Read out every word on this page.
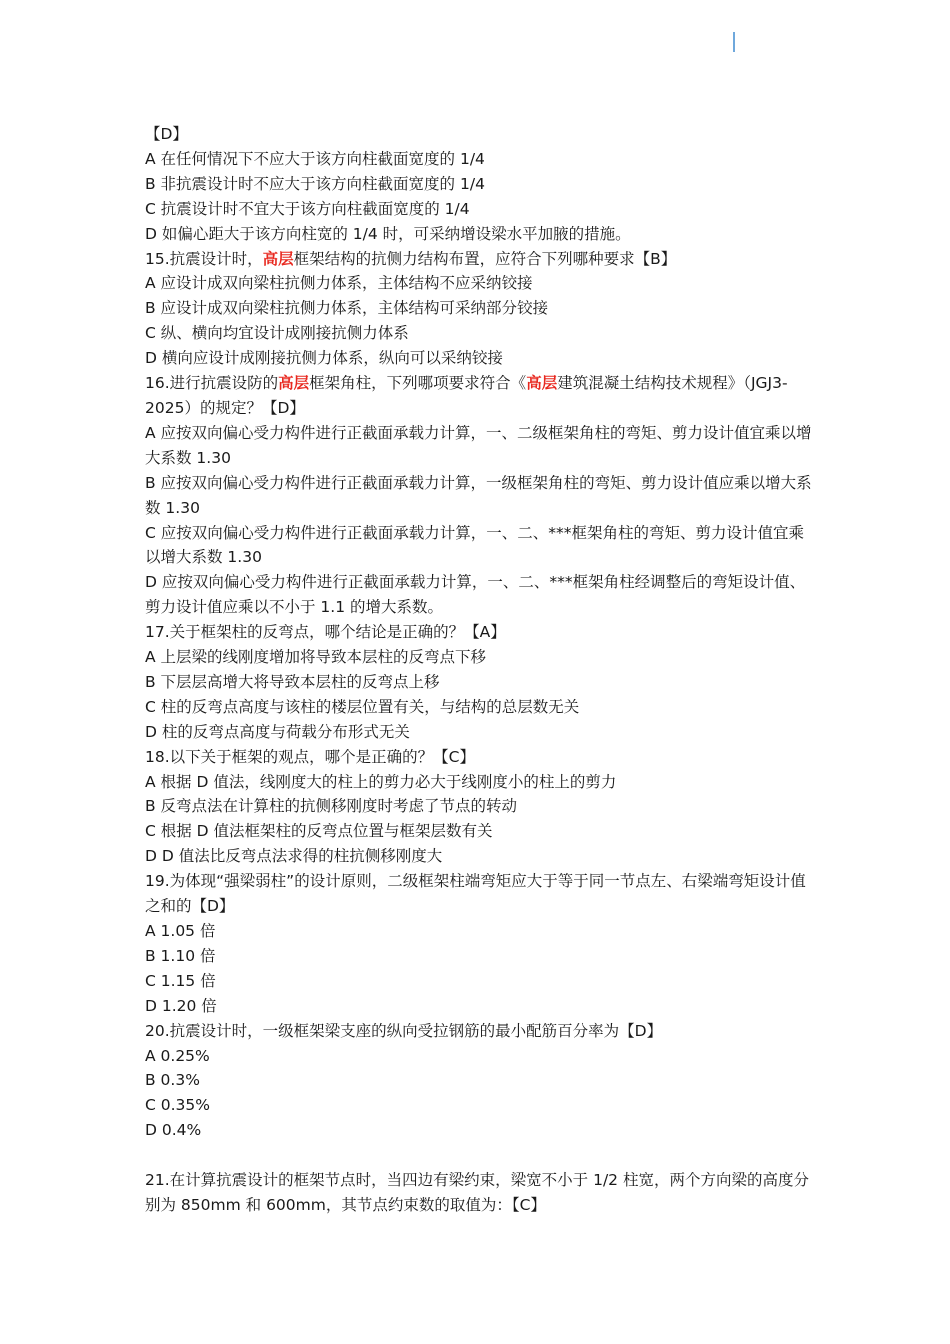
【D】
A 在任何情况下不应大于该方向柱截面宽度的 1/4
B 非抗震设计时不应大于该方向柱截面宽度的 1/4
C 抗震设计时不宜大于该方向柱截面宽度的 1/4
D 如偏心距大于该方向柱宽的 1/4 时，可采纳增设梁水平加腋的措施。
15.抗震设计时，高层框架结构的抗侧力结构布置，应符合下列哪种要求【B】
A 应设计成双向梁柱抗侧力体系，主体结构不应采纳铰接
B 应设计成双向梁柱抗侧力体系，主体结构可采纳部分铰接
C 纵、横向均宜设计成刚接抗侧力体系
D 横向应设计成刚接抗侧力体系，纵向可以采纳铰接
16.进行抗震设防的高层框架角柱，下列哪项要求符合《高层建筑混凝土结构技术规程》（JGJ3-2025）的规定？【D】
A 应按双向偏心受力构件进行正截面承载力计算，一、二级框架角柱的弯矩、剪力设计值宜乘以增大系数 1.30
B 应按双向偏心受力构件进行正截面承载力计算，一级框架角柱的弯矩、剪力设计值应乘以增大系数 1.30
C 应按双向偏心受力构件进行正截面承载力计算，一、二、***框架角柱的弯矩、剪力设计值宜乘以增大系数 1.30
D 应按双向偏心受力构件进行正截面承载力计算，一、二、***框架角柱经调整后的弯矩设计值、剪力设计值应乘以不小于 1.1 的增大系数。
17.关于框架柱的反弯点，哪个结论是正确的？【A】
A 上层梁的线刚度增加将导致本层柱的反弯点下移
B 下层层高增大将导致本层柱的反弯点上移
C 柱的反弯点高度与该柱的楼层位置有关，与结构的总层数无关
D 柱的反弯点高度与荷载分布形式无关
18.以下关于框架的观点，哪个是正确的？【C】
A 根据 D 值法，线刚度大的柱上的剪力必大于线刚度小的柱上的剪力
B 反弯点法在计算柱的抗侧移刚度时考虑了节点的转动
C 根据 D 值法框架柱的反弯点位置与框架层数有关
D D 值法比反弯点法求得的柱抗侧移刚度大
19.为体现“强梁弱柱”的设计原则，二级框架柱端弯矩应大于等于同一节点左、右梁端弯矩设计值之和的【D】
A 1.05 倍
B 1.10 倍
C 1.15 倍
D 1.20 倍
20.抗震设计时，一级框架梁支座的纵向受拉钢筋的最小配筋百分率为【D】
A 0.25%
B 0.3%
C 0.35%
D 0.4%
21.在计算抗震设计的框架节点时，当四边有梁约束，梁宽不小于 1/2 柱宽，两个方向梁的高度分别为 850mm 和 600mm，其节点约束数的取值为：【C】
